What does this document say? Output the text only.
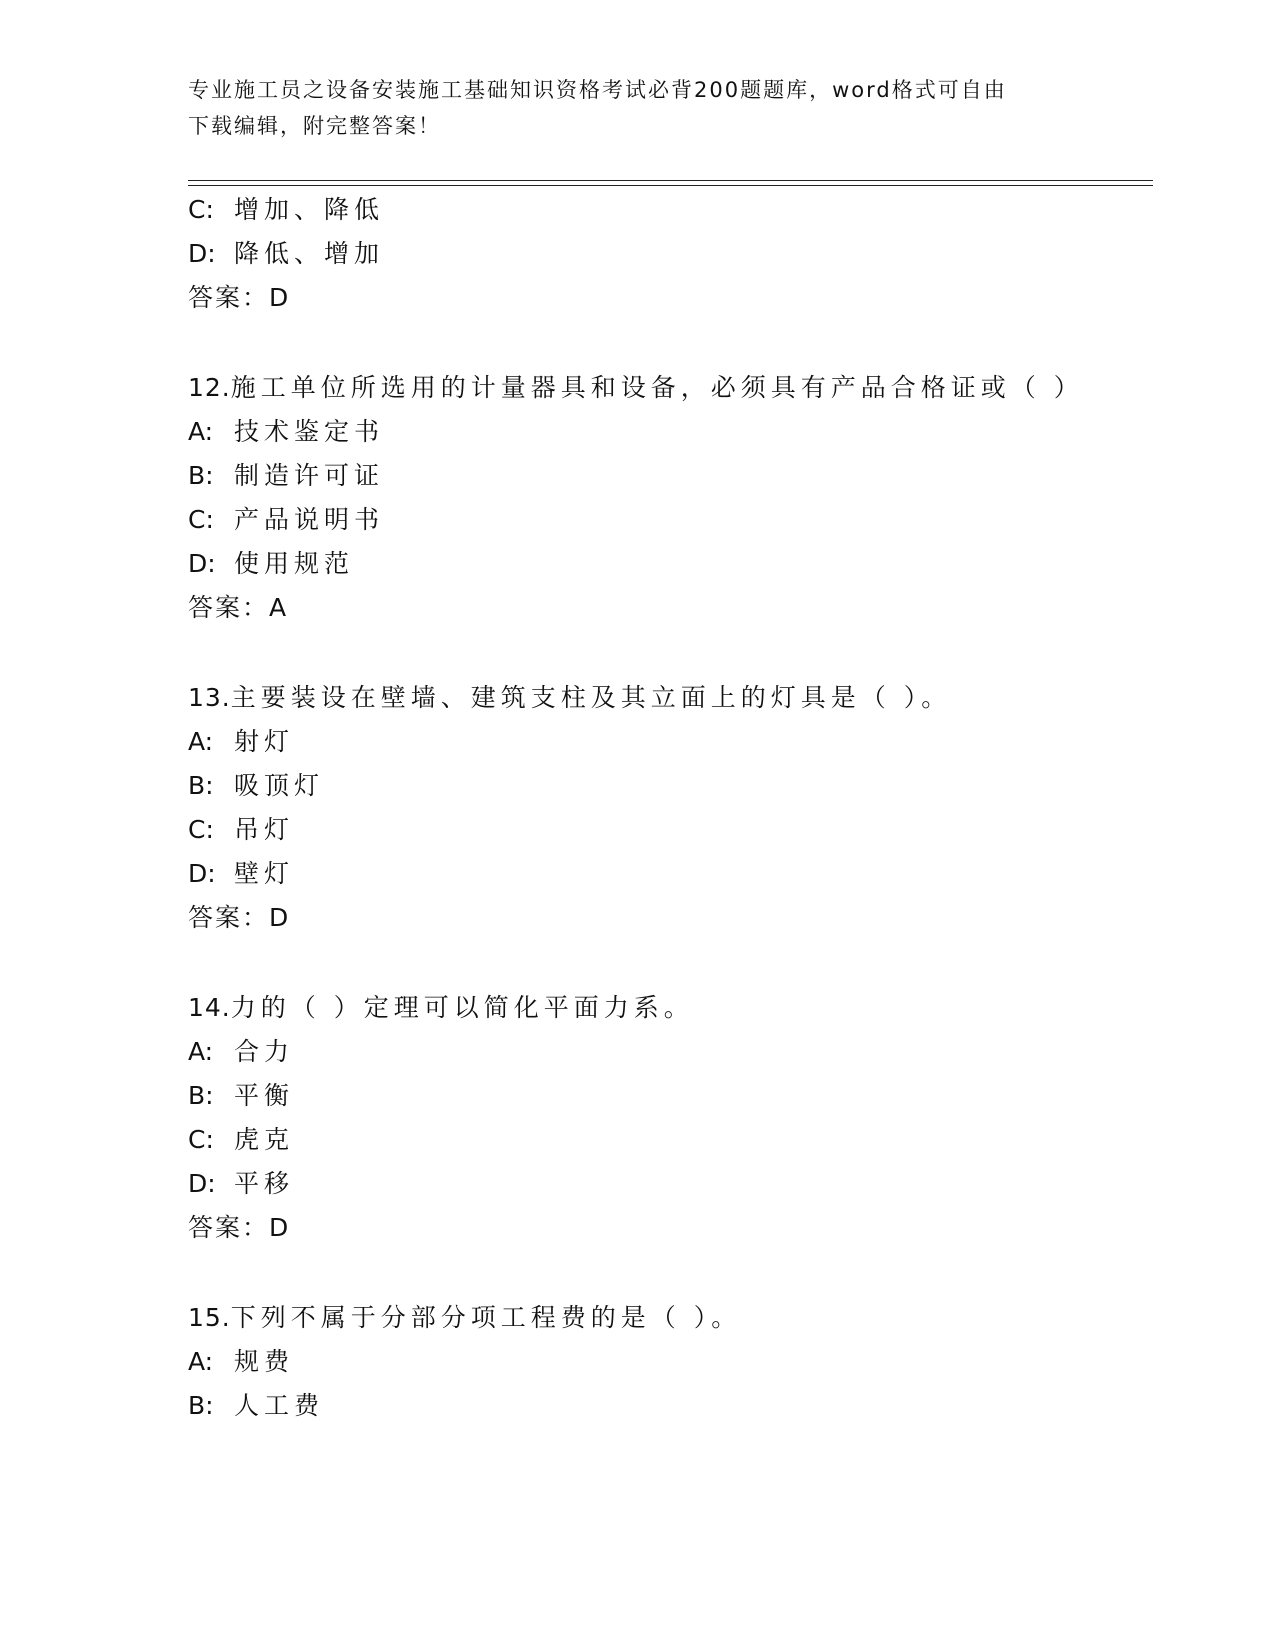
专业施工员之设备安装施工基础知识资格考试必背200题题库，word格式可自由
下载编辑，附完整答案！
C: 增加、降低
D: 降低、增加
答案：D
12.施工单位所选用的计量器具和设备，必须具有产品合格证或（ ）
A: 技术鉴定书
B: 制造许可证
C: 产品说明书
D: 使用规范
答案：A
13.主要装设在壁墙、建筑支柱及其立面上的灯具是（ ）。
A: 射灯
B: 吸顶灯
C: 吊灯
D: 壁灯
答案：D
14.力的（ ）定理可以简化平面力系。
A: 合力
B: 平衡
C: 虎克
D: 平移
答案：D
15.下列不属于分部分项工程费的是（ ）。
A: 规费
B: 人工费
